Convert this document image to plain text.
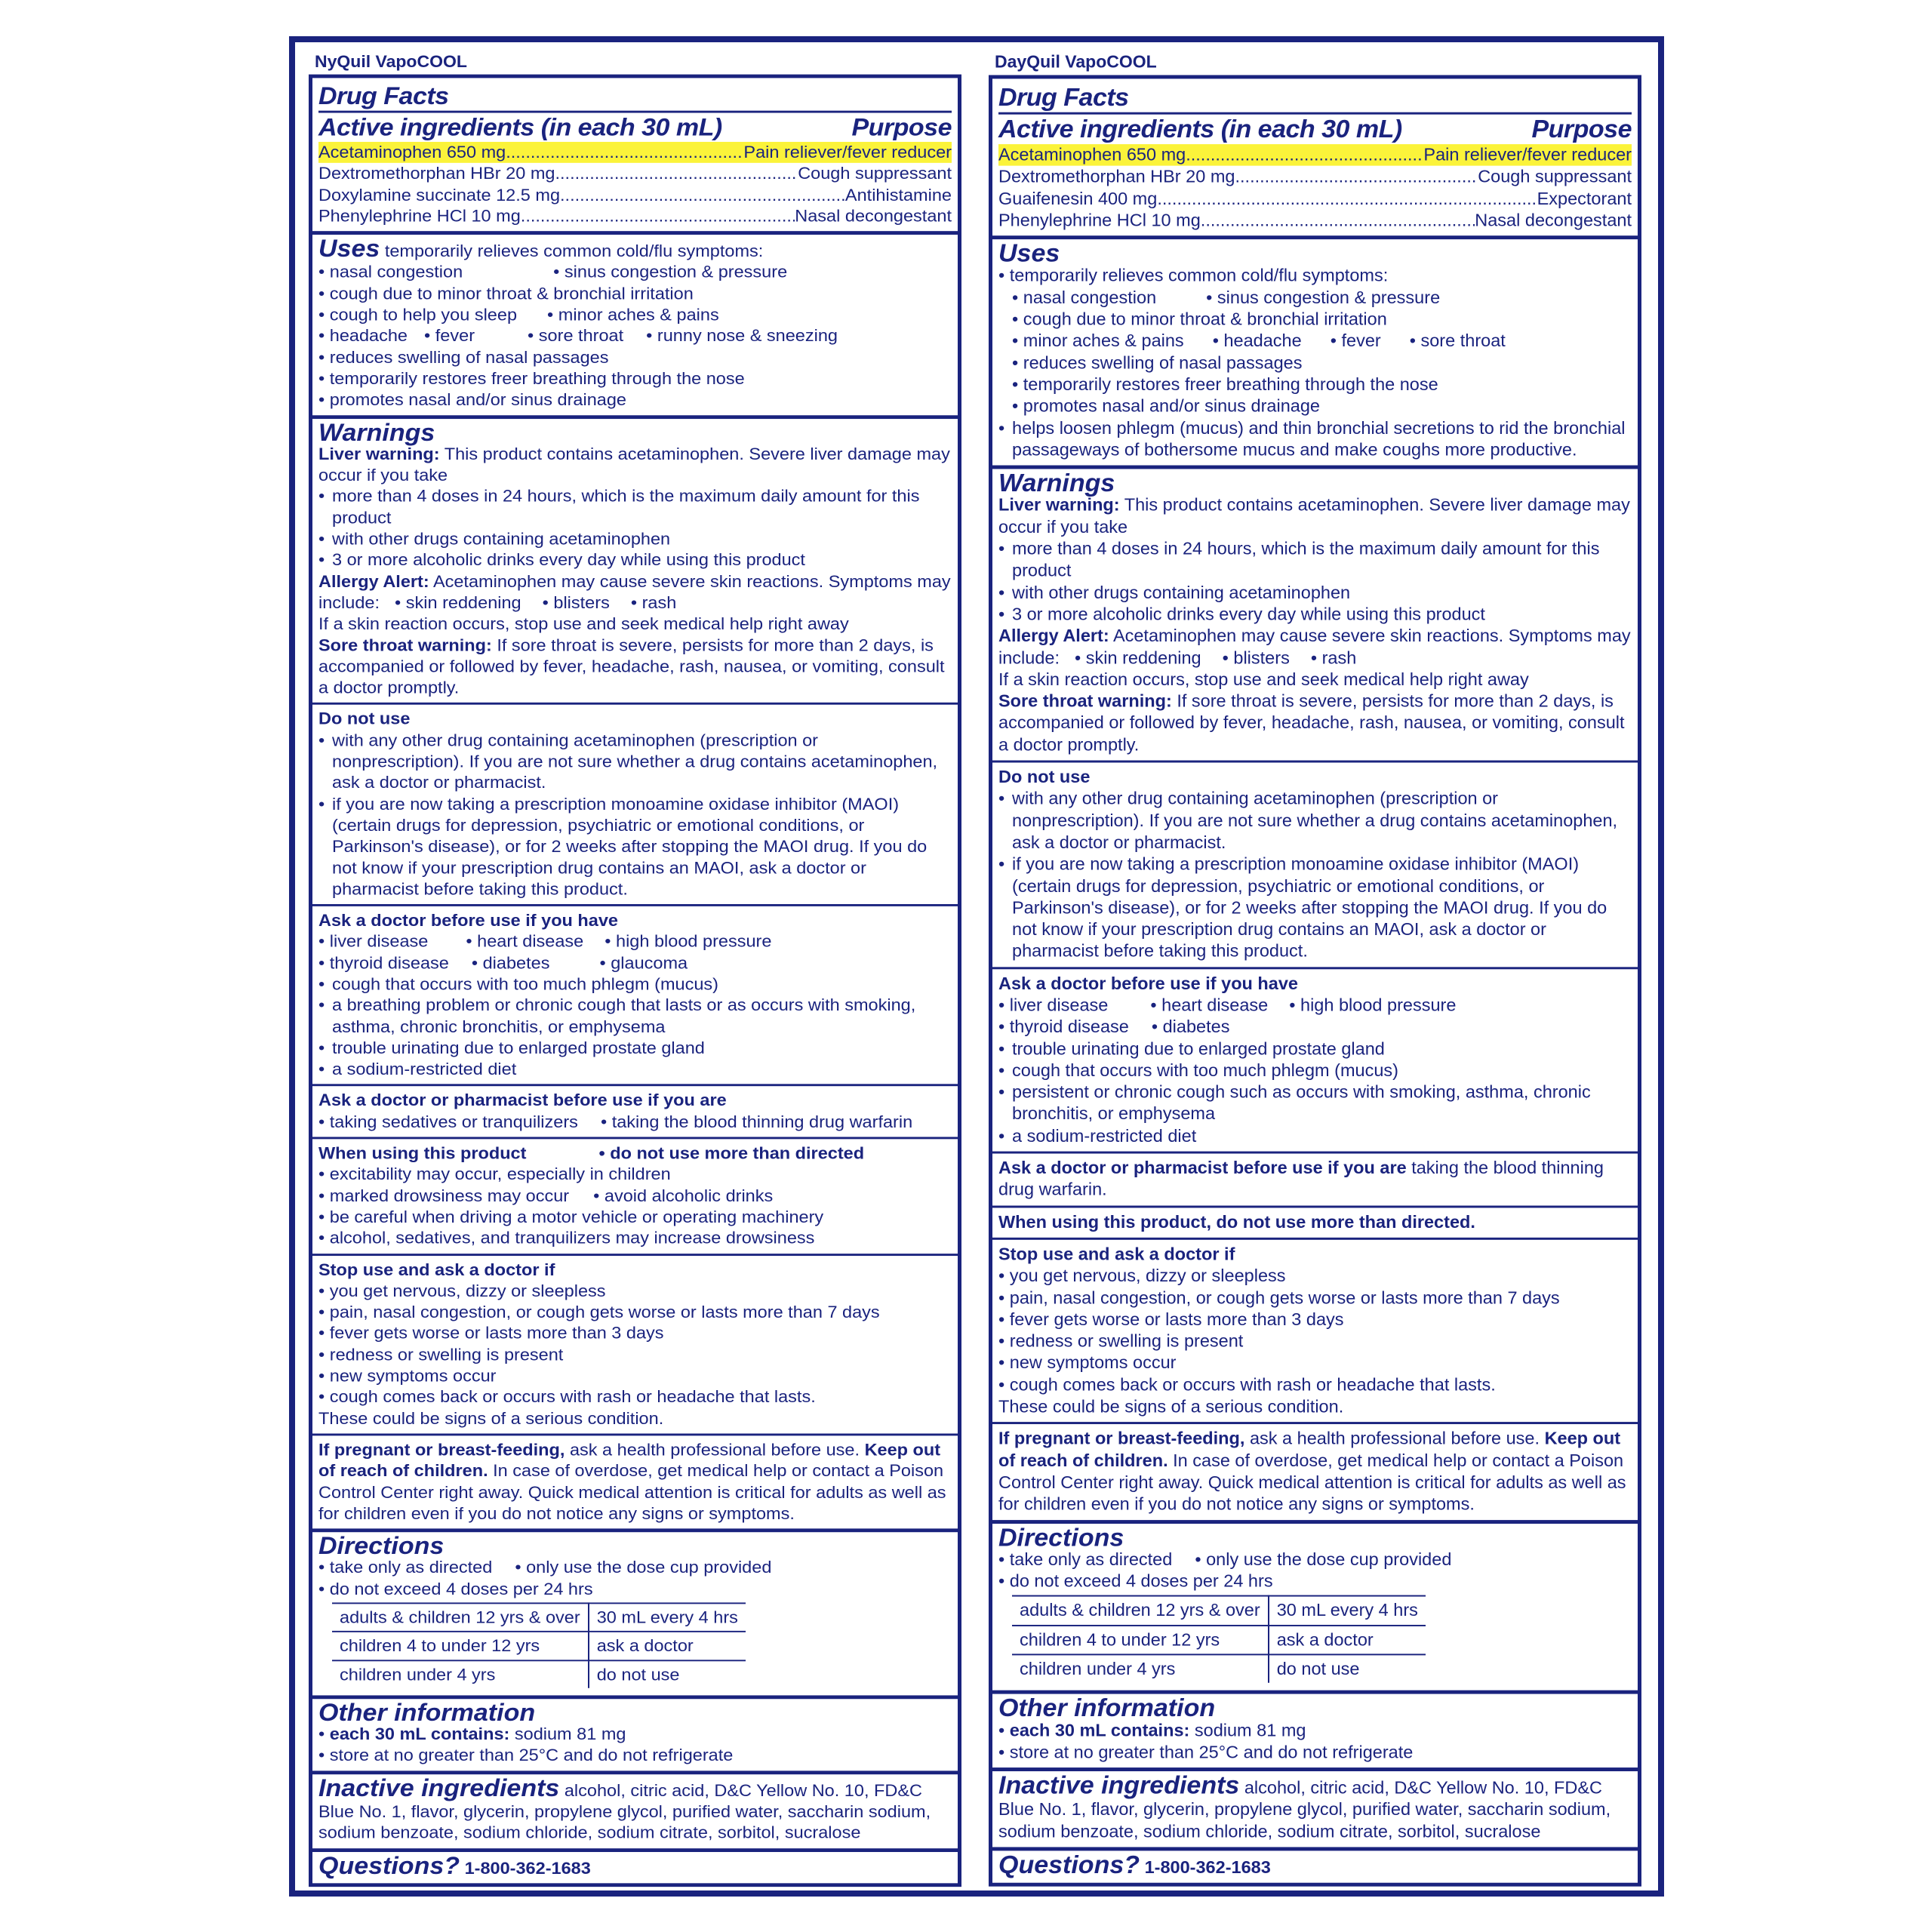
NyQuil VapoCOOL
Drug Facts
Active ingredients (in each 30 mL)	Purpose
Acetaminophen 650 mg .....	Pain reliever/fever reducer
Dextromethorphan HBr 20 mg .....	Cough suppressant
Doxylamine succinate 12.5 mg .....	Antihistamine
Phenylephrine HCl 10 mg .....	Nasal decongestant
Uses temporarily relieves common cold/flu symptoms:
• nasal congestion	• sinus congestion & pressure
• cough due to minor throat & bronchial irritation
• cough to help you sleep • minor aches & pains
• headache • fever	• sore throat • runny nose & sneezing
• reduces swelling of nasal passages
• temporarily restores freer breathing through the nose
• promotes nasal and/or sinus drainage
Warnings
Liver warning: This product contains acetaminophen. Severe liver damage may occur if you take
• more than 4 doses in 24 hours, which is the maximum daily amount for this product
• with other drugs containing acetaminophen
• 3 or more alcoholic drinks every day while using this product
Allergy Alert: Acetaminophen may cause severe skin reactions. Symptoms may include: • skin reddening • blisters • rash
If a skin reaction occurs, stop use and seek medical help right away
Sore throat warning: If sore throat is severe, persists for more than 2 days, is accompanied or followed by fever, headache, rash, nausea, or vomiting, consult a doctor promptly.
Do not use
• with any other drug containing acetaminophen (prescription or nonprescription). If you are not sure whether a drug contains acetaminophen, ask a doctor or pharmacist.
• if you are now taking a prescription monoamine oxidase inhibitor (MAOI) (certain drugs for depression, psychiatric or emotional conditions, or Parkinson's disease), or for 2 weeks after stopping the MAOI drug. If you do not know if your prescription drug contains an MAOI, ask a doctor or pharmacist before taking this product.
Ask a doctor before use if you have
• liver disease • heart disease • high blood pressure
• thyroid disease • diabetes	• glaucoma
• cough that occurs with too much phlegm (mucus)
• a breathing problem or chronic cough that lasts or as occurs with smoking, asthma, chronic bronchitis, or emphysema
• trouble urinating due to enlarged prostate gland
• a sodium-restricted diet
Ask a doctor or pharmacist before use if you are
• taking sedatives or tranquilizers • taking the blood thinning drug warfarin
When using this product	• do not use more than directed
• excitability may occur, especially in children
• marked drowsiness may occur • avoid alcoholic drinks
• be careful when driving a motor vehicle or operating machinery
• alcohol, sedatives, and tranquilizers may increase drowsiness
Stop use and ask a doctor if
• you get nervous, dizzy or sleepless
• pain, nasal congestion, or cough gets worse or lasts more than 7 days
• fever gets worse or lasts more than 3 days
• redness or swelling is present
• new symptoms occur
• cough comes back or occurs with rash or headache that lasts.
These could be signs of a serious condition.
If pregnant or breast-feeding, ask a health professional before use. Keep out of reach of children. In case of overdose, get medical help or contact a Poison Control Center right away. Quick medical attention is critical for adults as well as for children even if you do not notice any signs or symptoms.
Directions
• take only as directed • only use the dose cup provided
• do not exceed 4 doses per 24 hrs
adults & children 12 yrs & over	30 mL every 4 hrs
children 4 to under 12 yrs	ask a doctor
children under 4 yrs	do not use
Other information
• each 30 mL contains: sodium 81 mg
• store at no greater than 25°C and do not refrigerate
Inactive ingredients alcohol, citric acid, D&C Yellow No. 10, FD&C Blue No. 1, flavor, glycerin, propylene glycol, purified water, saccharin sodium, sodium benzoate, sodium chloride, sodium citrate, sorbitol, sucralose
Questions? 1-800-362-1683
DayQuil VapoCOOL
Drug Facts
Active ingredients (in each 30 mL)	Purpose
Acetaminophen 650 mg .....	Pain reliever/fever reducer
Dextromethorphan HBr 20 mg .....	Cough suppressant
Guaifenesin 400 mg .....	Expectorant
Phenylephrine HCl 10 mg .....	Nasal decongestant
Uses
• temporarily relieves common cold/flu symptoms:
• nasal congestion	• sinus congestion & pressure
• cough due to minor throat & bronchial irritation
• minor aches & pains • headache • fever • sore throat
• reduces swelling of nasal passages
• temporarily restores freer breathing through the nose
• promotes nasal and/or sinus drainage
• helps loosen phlegm (mucus) and thin bronchial secretions to rid the bronchial passageways of bothersome mucus and make coughs more productive.
Warnings
Liver warning: This product contains acetaminophen. Severe liver damage may occur if you take
• more than 4 doses in 24 hours, which is the maximum daily amount for this product
• with other drugs containing acetaminophen
• 3 or more alcoholic drinks every day while using this product
Allergy Alert: Acetaminophen may cause severe skin reactions. Symptoms may include: • skin reddening • blisters • rash
If a skin reaction occurs, stop use and seek medical help right away
Sore throat warning: If sore throat is severe, persists for more than 2 days, is accompanied or followed by fever, headache, rash, nausea, or vomiting, consult a doctor promptly.
Do not use
• with any other drug containing acetaminophen (prescription or nonprescription). If you are not sure whether a drug contains acetaminophen, ask a doctor or pharmacist.
• if you are now taking a prescription monoamine oxidase inhibitor (MAOI) (certain drugs for depression, psychiatric or emotional conditions, or Parkinson's disease), or for 2 weeks after stopping the MAOI drug. If you do not know if your prescription drug contains an MAOI, ask a doctor or pharmacist before taking this product.
Ask a doctor before use if you have
• liver disease • heart disease • high blood pressure
• thyroid disease • diabetes
• trouble urinating due to enlarged prostate gland
• cough that occurs with too much phlegm (mucus)
• persistent or chronic cough such as occurs with smoking, asthma, chronic bronchitis, or emphysema
• a sodium-restricted diet
Ask a doctor or pharmacist before use if you are taking the blood thinning drug warfarin.
When using this product, do not use more than directed.
Stop use and ask a doctor if
• you get nervous, dizzy or sleepless
• pain, nasal congestion, or cough gets worse or lasts more than 7 days
• fever gets worse or lasts more than 3 days
• redness or swelling is present
• new symptoms occur
• cough comes back or occurs with rash or headache that lasts.
These could be signs of a serious condition.
If pregnant or breast-feeding, ask a health professional before use. Keep out of reach of children. In case of overdose, get medical help or contact a Poison Control Center right away. Quick medical attention is critical for adults as well as for children even if you do not notice any signs or symptoms.
Directions
• take only as directed • only use the dose cup provided
• do not exceed 4 doses per 24 hrs
adults & children 12 yrs & over	30 mL every 4 hrs
children 4 to under 12 yrs	ask a doctor
children under 4 yrs	do not use
Other information
• each 30 mL contains: sodium 81 mg
• store at no greater than 25°C and do not refrigerate
Inactive ingredients alcohol, citric acid, D&C Yellow No. 10, FD&C Blue No. 1, flavor, glycerin, propylene glycol, purified water, saccharin sodium, sodium benzoate, sodium chloride, sodium citrate, sorbitol, sucralose
Questions? 1-800-362-1683
